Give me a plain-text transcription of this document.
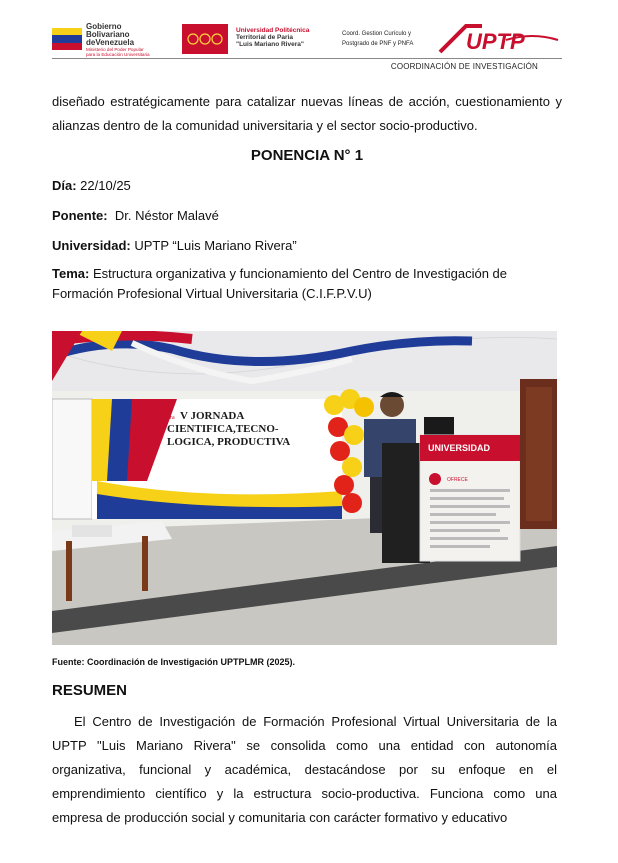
Gobierno
Bolivariano
deVenezuela
Ministerio del Poder Popular
para la Educación Universitaria
Universidad Politécnica
Territorial de Paria
"Luis Mariano Rivera"
Coord. Gestion Curículo y
Postgrado de PNF y PNFA UPTP
COORDINACIÓN DE INVESTIGACIÓN

diseñado estratégicamente para catalizar nuevas líneas de acción, cuestionamiento y alianzas dentro de la comunidad universitaria y el sector socio-productivo.

PONENCIA N° 1

Día: 22/10/25

Ponente:  Dr. Néstor Malavé

Universidad: UPTP “Luis Mariano Rivera”

Tema: Estructura organizativa y funcionamiento del Centro de Investigación de Formación Profesional Virtual Universitaria (C.I.F.P.V.U)

1ra V JORNADA
CIENTIFICA,TECNO-
LOGICA, PRODUCTIVA	UNIVERSIDAD
OFRECE

Fuente: Coordinación de Investigación UPTPLMR (2025).

RESUMEN

El Centro de Investigación de Formación Profesional Virtual Universitaria de la UPTP "Luis Mariano Rivera" se consolida como una entidad con autonomía organizativa, funcional y académica, destacándose por su enfoque en el emprendimiento científico y la estructura socio-productiva. Funciona como una empresa de producción social y comunitaria con carácter formativo y educativo
